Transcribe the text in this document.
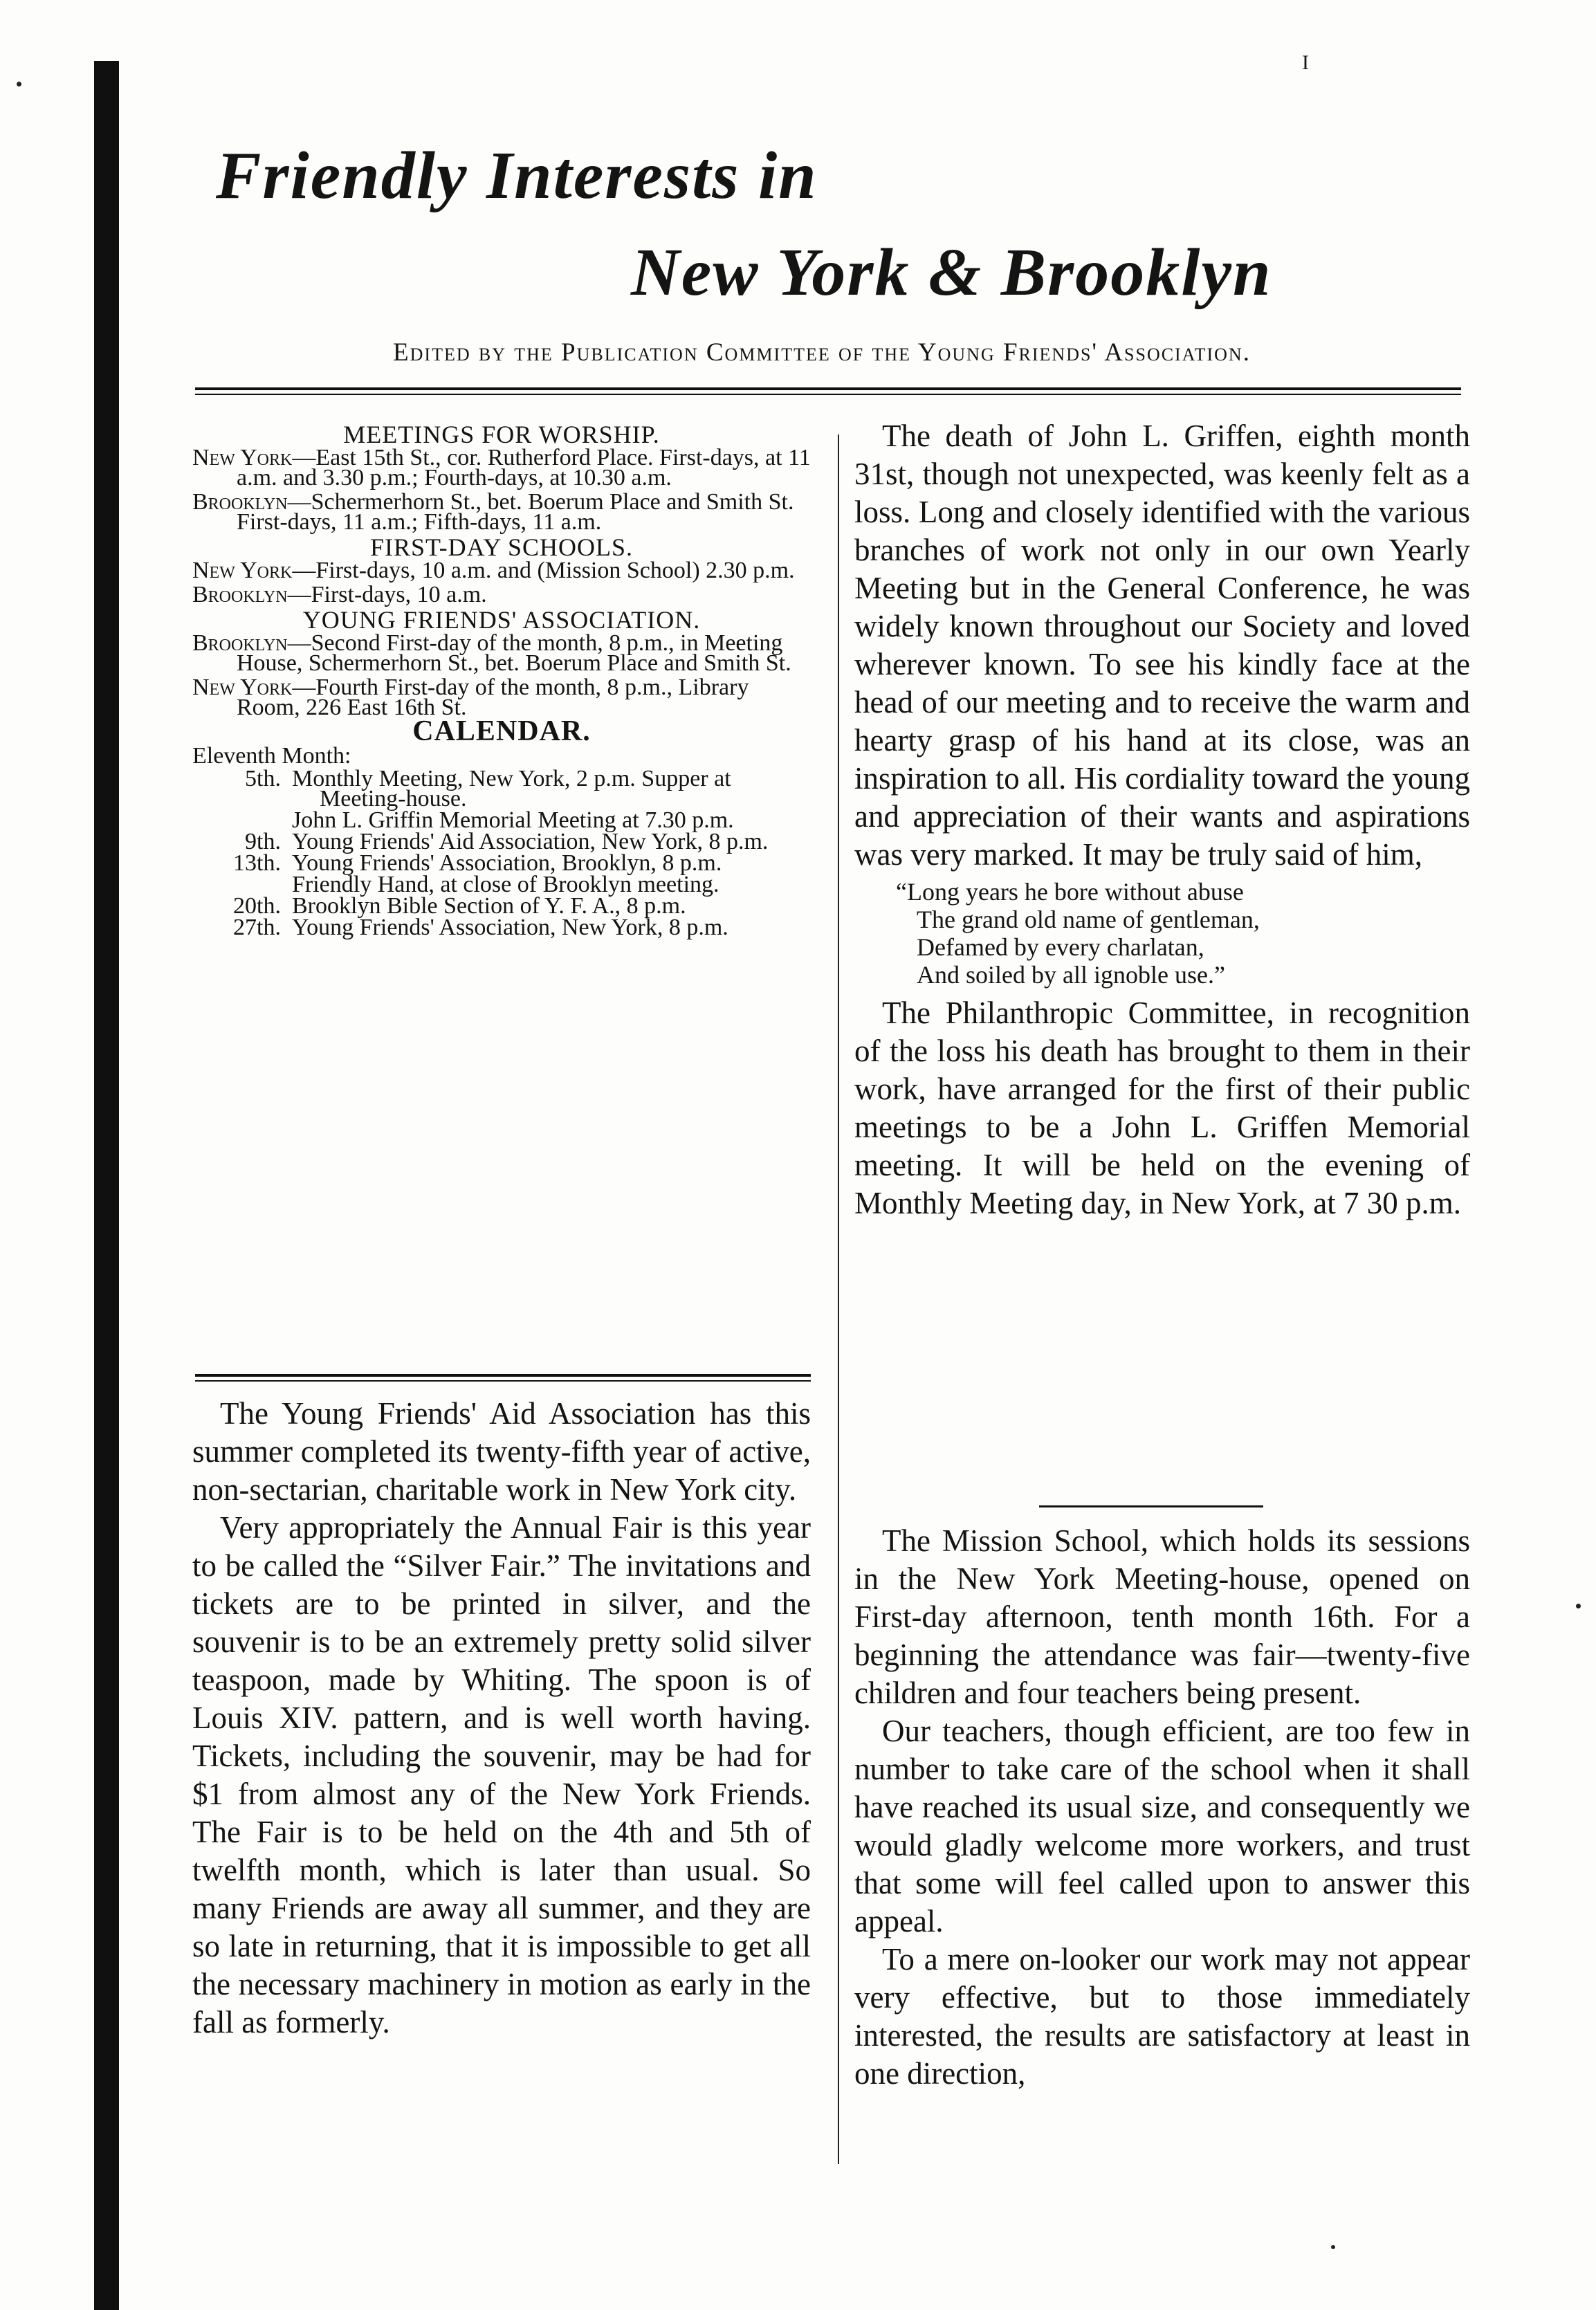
I
Friendly Interests in
New York & Brooklyn
Edited by the Publication Committee of the Young Friends' Association.
MEETINGS FOR WORSHIP.
New York—East 15th St., cor. Rutherford Place. First-days, at 11 a.m. and 3.30 p.m.; Fourth-days, at 10.30 a.m.
Brooklyn—Schermerhorn St., bet. Boerum Place and Smith St. First-days, 11 a.m.; Fifth-days, 11 a.m.
FIRST-DAY SCHOOLS.
New York—First-days, 10 a.m. and (Mission School) 2.30 p.m.
Brooklyn—First-days, 10 a.m.
YOUNG FRIENDS' ASSOCIATION.
Brooklyn—Second First-day of the month, 8 p.m., in Meeting House, Schermerhorn St., bet. Boerum Place and Smith St.
New York—Fourth First-day of the month, 8 p.m., Library Room, 226 East 16th St.
CALENDAR.
Eleventh Month:
5th. Monthly Meeting, New York, 2 p.m. Supper at Meeting-house.
John L. Griffin Memorial Meeting at 7.30 p.m.
9th. Young Friends' Aid Association, New York, 8 p.m.
13th. Young Friends' Association, Brooklyn, 8 p.m.
Friendly Hand, at close of Brooklyn meeting.
20th. Brooklyn Bible Section of Y. F. A., 8 p.m.
27th. Young Friends' Association, New York, 8 p.m.

The Young Friends' Aid Association has this summer completed its twenty-fifth year of active, non-sectarian, charitable work in New York city.

Very appropriately the Annual Fair is this year to be called the “Silver Fair.” The invitations and tickets are to be printed in silver, and the souvenir is to be an extremely pretty solid silver teaspoon, made by Whiting. The spoon is of Louis XIV. pattern, and is well worth having. Tickets, including the souvenir, may be had for $1 from almost any of the New York Friends. The Fair is to be held on the 4th and 5th of twelfth month, which is later than usual. So many Friends are away all summer, and they are so late in returning, that it is impossible to get all the necessary machinery in motion as early in the fall as formerly.

The death of John L. Griffen, eighth month 31st, though not unexpected, was keenly felt as a loss. Long and closely identified with the various branches of work not only in our own Yearly Meeting but in the General Conference, he was widely known throughout our Society and loved wherever known. To see his kindly face at the head of our meeting and to receive the warm and hearty grasp of his hand at its close, was an inspiration to all. His cordiality toward the young and appreciation of their wants and aspirations was very marked. It may be truly said of him,

“Long years he bore without abuse
The grand old name of gentleman,
Defamed by every charlatan,
And soiled by all ignoble use.”

The Philanthropic Committee, in recognition of the loss his death has brought to them in their work, have arranged for the first of their public meetings to be a John L. Griffen Memorial meeting. It will be held on the evening of Monthly Meeting day, in New York, at 7 30 p.m.

The Mission School, which holds its sessions in the New York Meeting-house, opened on First-day afternoon, tenth month 16th. For a beginning the attendance was fair—twenty-five children and four teachers being present.

Our teachers, though efficient, are too few in number to take care of the school when it shall have reached its usual size, and consequently we would gladly welcome more workers, and trust that some will feel called upon to answer this appeal.

To a mere on-looker our work may not appear very effective, but to those immediately interested, the results are satisfactory at least in one direction,
